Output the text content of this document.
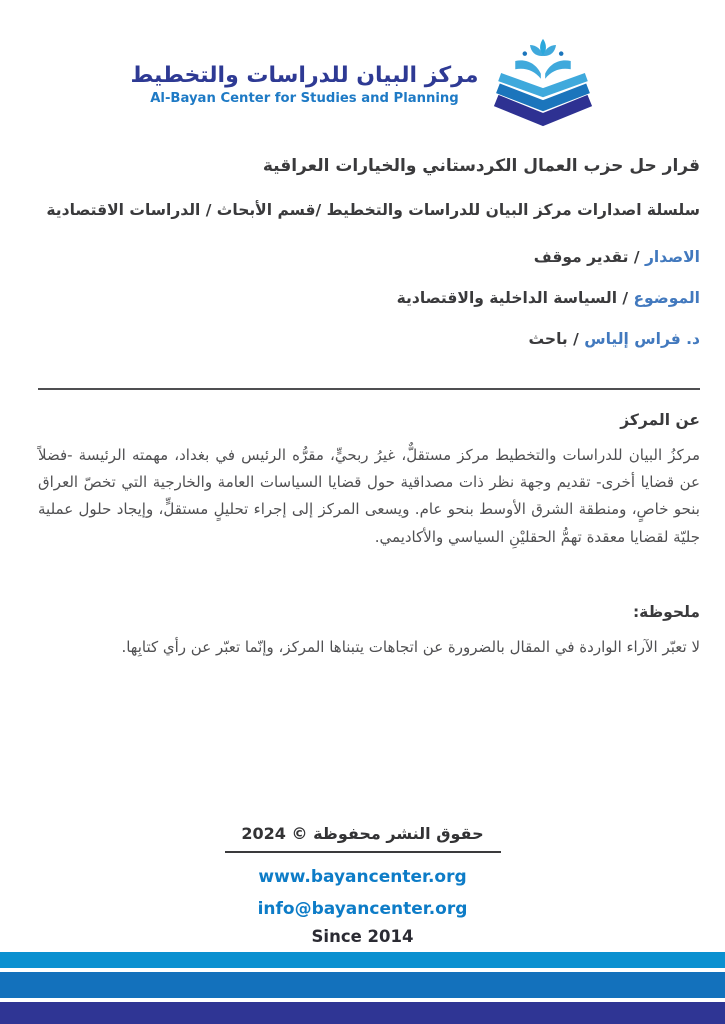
مركز البيان للدراسات والتخطيط
Al-Bayan Center for Studies and Planning
قرار حل حزب العمال الكردستاني والخيارات العراقية

سلسلة اصدارات مركز البيان للدراسات والتخطيط /قسم الأبحاث / الدراسات الاقتصادية

الاصدار / تقدير موقف

الموضوع / السياسة الداخلية والاقتصادية

د. فراس إلياس / باحث

عن المركز

مركزُ البيان للدراسات والتخطيط مركز مستقلٌّ، غيرُ ربحيٍّ، مقرُّه الرئيس في بغداد، مهمته الرئيسة -فضلاً عن قضايا أخرى- تقديم وجهة نظر ذات مصداقية حول قضايا السياسات العامة والخارجية التي تخصّ العراق بنحو خاصٍ، ومنطقة الشرق الأوسط بنحو عام. ويسعى المركز إلى إجراء تحليلٍ مستقلٍّ، وإيجاد حلول عملية جليّة لقضايا معقدة تهمُّ الحقليْنِ السياسي والأكاديمي.

ملحوظة:

لا تعبّر الآراء الواردة في المقال بالضرورة عن اتجاهات يتبناها المركز، وإنّما تعبّر عن رأي كتابِها.

حقوق النشر محفوظة © 2024
www.bayancenter.org
info@bayancenter.org
Since 2014
